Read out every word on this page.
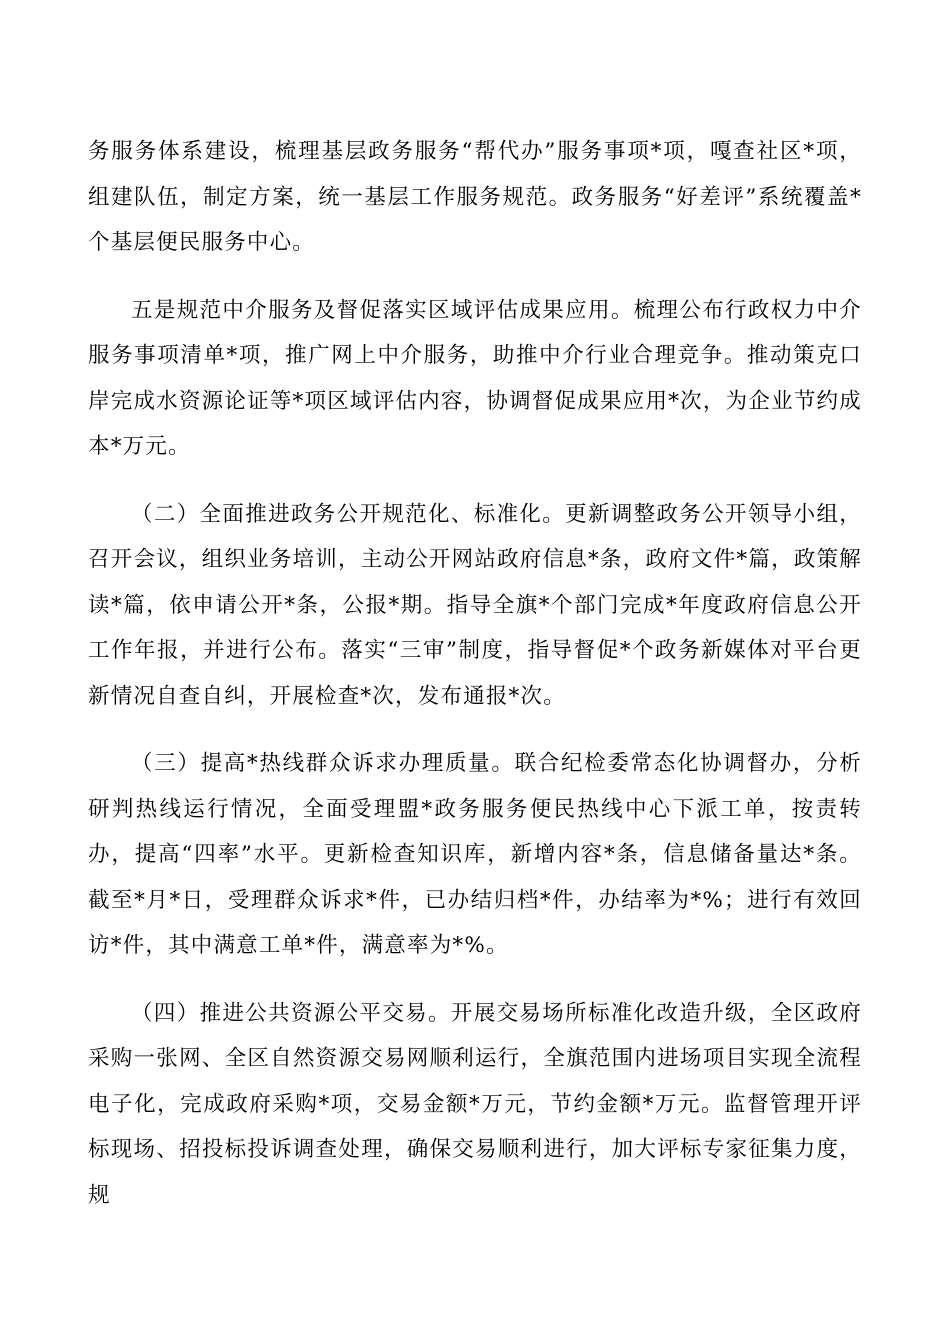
务服务体系建设，梳理基层政务服务“帮代办”服务事项*项，嘎查社区*项，组建队伍，制定方案，统一基层工作服务规范。政务服务“好差评”系统覆盖*个基层便民服务中心。

五是规范中介服务及督促落实区域评估成果应用。梳理公布行政权力中介服务事项清单*项，推广网上中介服务，助推中介行业合理竞争。推动策克口岸完成水资源论证等*项区域评估内容，协调督促成果应用*次，为企业节约成本*万元。

（二）全面推进政务公开规范化、标准化。更新调整政务公开领导小组，召开会议，组织业务培训，主动公开网站政府信息*条，政府文件*篇，政策解读*篇，依申请公开*条，公报*期。指导全旗*个部门完成*年度政府信息公开工作年报，并进行公布。落实“三审”制度，指导督促*个政务新媒体对平台更新情况自查自纠，开展检查*次，发布通报*次。

（三）提高*热线群众诉求办理质量。联合纪检委常态化协调督办，分析研判热线运行情况，全面受理盟*政务服务便民热线中心下派工单，按责转办，提高“四率”水平。更新检查知识库，新增内容*条，信息储备量达*条。截至*月*日，受理群众诉求*件，已办结归档*件，办结率为*%；进行有效回访*件，其中满意工单*件，满意率为*%。

（四）推进公共资源公平交易。开展交易场所标准化改造升级，全区政府采购一张网、全区自然资源交易网顺利运行，全旗范围内进场项目实现全流程电子化，完成政府采购*项，交易金额*万元，节约金额*万元。监督管理开评标现场、招投标投诉调查处理，确保交易顺利进行，加大评标专家征集力度，规
